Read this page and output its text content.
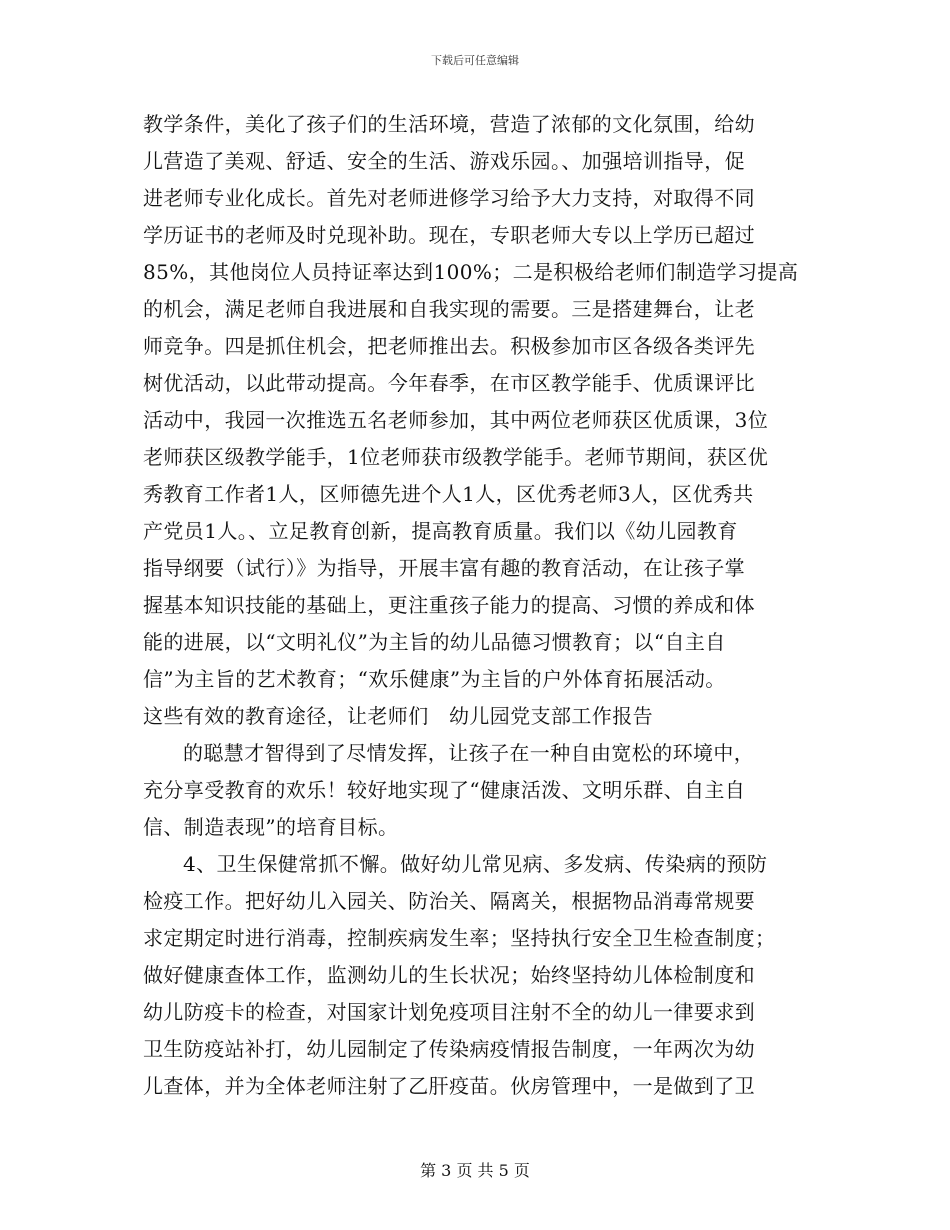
下载后可任意编辑
教学条件，美化了孩子们的生活环境，营造了浓郁的文化氛围，给幼
儿营造了美观、舒适、安全的生活、游戏乐园。、加强培训指导，促
进老师专业化成长。首先对老师进修学习给予大力支持，对取得不同
学历证书的老师及时兑现补助。现在，专职老师大专以上学历已超过
85%，其他岗位人员持证率达到100%；二是积极给老师们制造学习提高
的机会，满足老师自我进展和自我实现的需要。三是搭建舞台，让老
师竞争。四是抓住机会，把老师推出去。积极参加市区各级各类评先
树优活动，以此带动提高。今年春季，在市区教学能手、优质课评比
活动中，我园一次推选五名老师参加，其中两位老师获区优质课，3位
老师获区级教学能手，1位老师获市级教学能手。老师节期间，获区优
秀教育工作者1人，区师德先进个人1人，区优秀老师3人，区优秀共
产党员1人。、立足教育创新，提高教育质量。我们以《幼儿园教育
指导纲要（试行）》为指导，开展丰富有趣的教育活动，在让孩子掌
握基本知识技能的基础上，更注重孩子能力的提高、习惯的养成和体
能的进展，以“文明礼仪”为主旨的幼儿品德习惯教育；以“自主自
信”为主旨的艺术教育；“欢乐健康”为主旨的户外体育拓展活动。
这些有效的教育途径，让老师们　幼儿园党支部工作报告
的聪慧才智得到了尽情发挥，让孩子在一种自由宽松的环境中，
充分享受教育的欢乐！较好地实现了“健康活泼、文明乐群、自主自
信、制造表现”的培育目标。
4、卫生保健常抓不懈。做好幼儿常见病、多发病、传染病的预防
检疫工作。把好幼儿入园关、防治关、隔离关，根据物品消毒常规要
求定期定时进行消毒，控制疾病发生率；坚持执行安全卫生检查制度；
做好健康查体工作，监测幼儿的生长状况；始终坚持幼儿体检制度和
幼儿防疫卡的检查，对国家计划免疫项目注射不全的幼儿一律要求到
卫生防疫站补打，幼儿园制定了传染病疫情报告制度，一年两次为幼
儿查体，并为全体老师注射了乙肝疫苗。伙房管理中，一是做到了卫
第 3 页 共 5 页
